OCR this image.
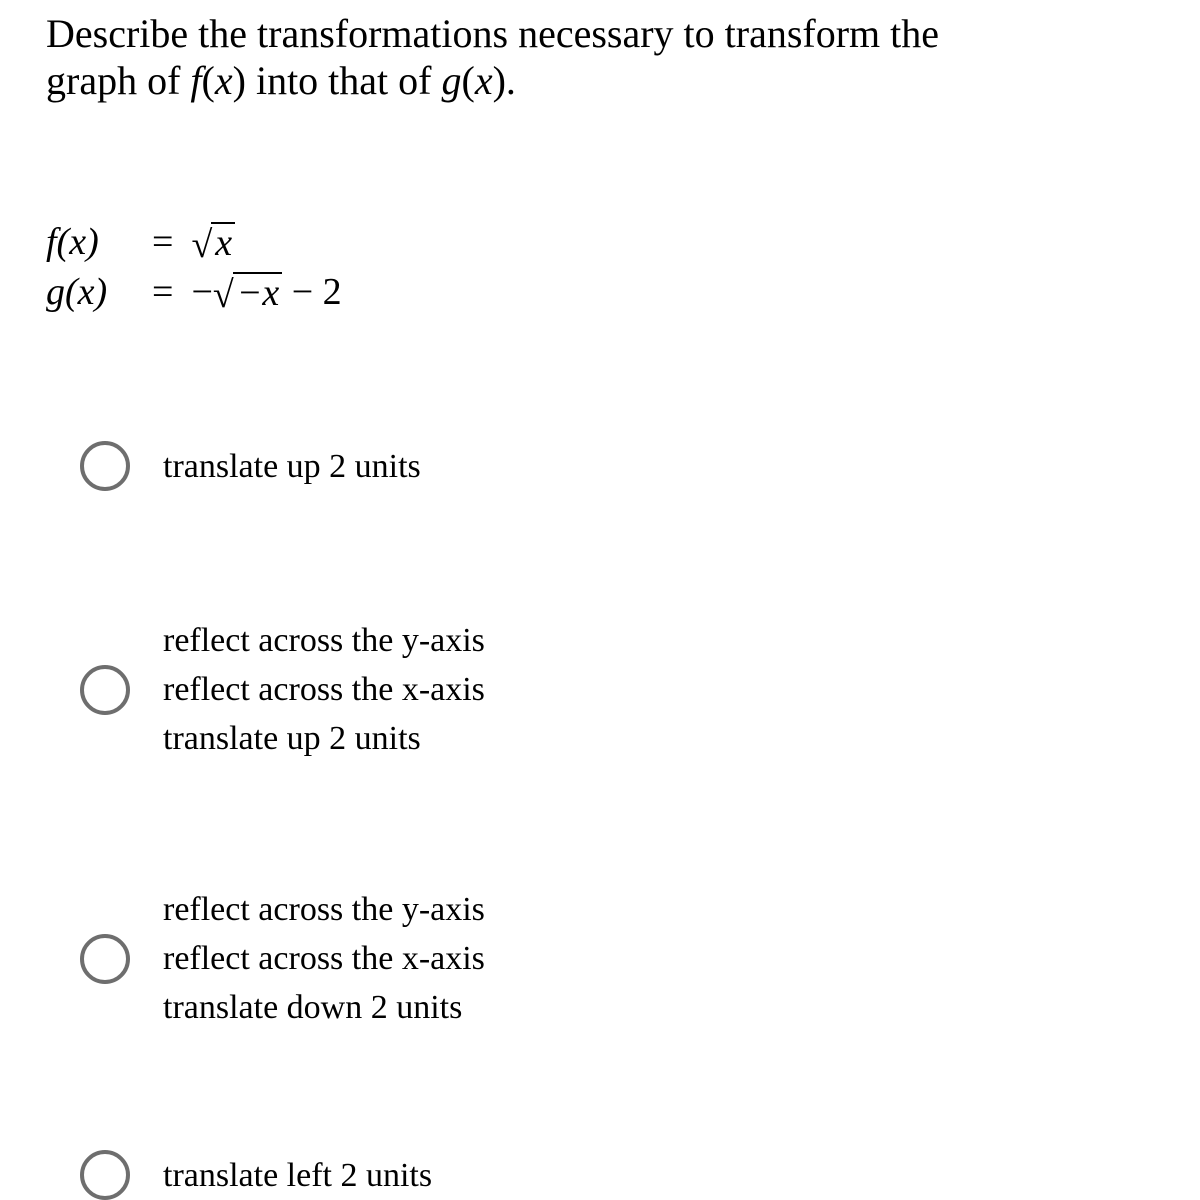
Describe the transformations necessary to transform the
graph of f(x) into that of g(x).
f(x)	= √ x
g(x)	= − √ −x − 2
translate up 2 units
reflect across the y-axis
reflect across the x-axis
translate up 2 units
reflect across the y-axis
reflect across the x-axis
translate down 2 units
translate left 2 units
